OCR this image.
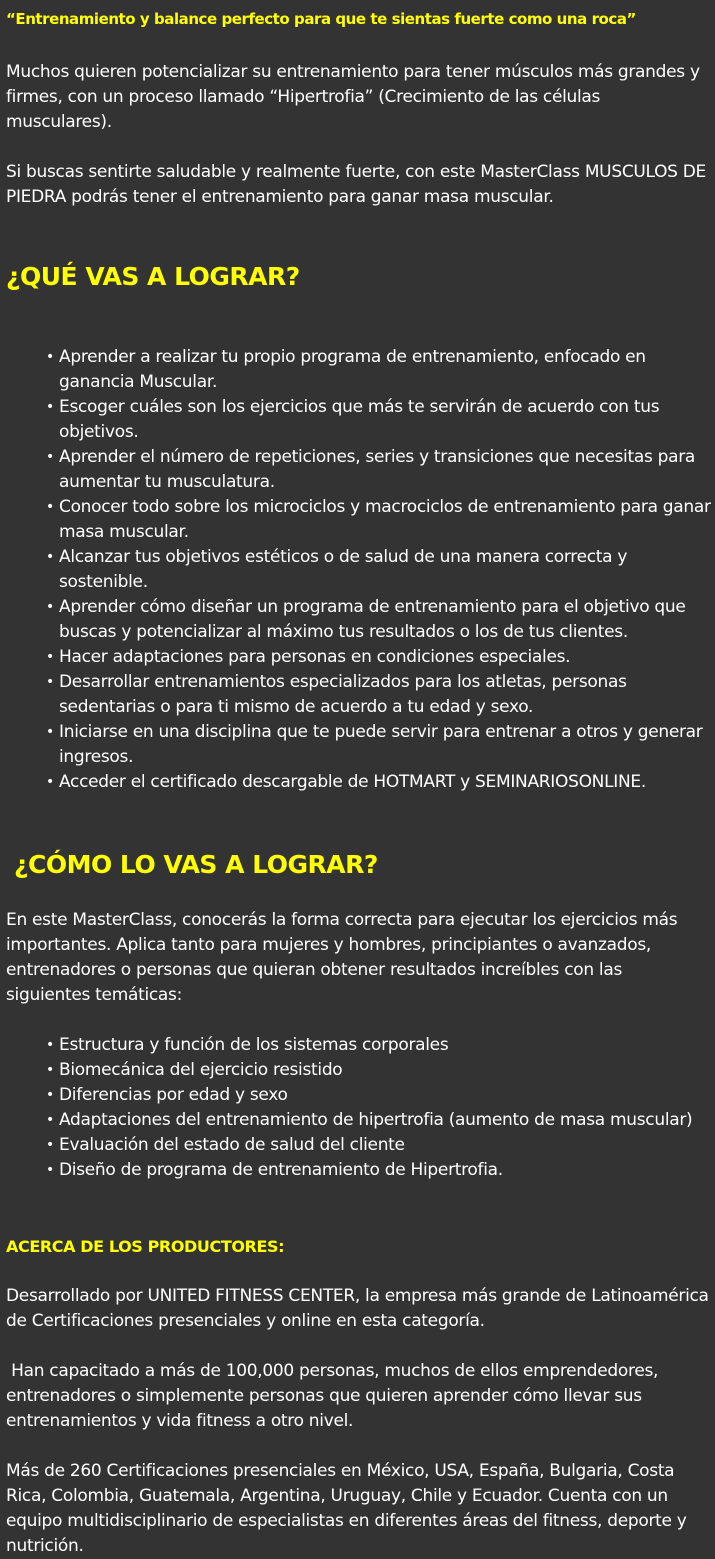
“Entrenamiento y balance perfecto para que te sientas fuerte como una roca”

Muchos quieren potencializar su entrenamiento para tener músculos más grandes y firmes, con un proceso llamado “Hipertrofia” (Crecimiento de las células musculares).

Si buscas sentirte saludable y realmente fuerte, con este MasterClass MUSCULOS DE PIEDRA podrás tener el entrenamiento para ganar masa muscular.

¿QUÉ VAS A LOGRAR?
• Aprender a realizar tu propio programa de entrenamiento, enfocado en ganancia Muscular.
• Escoger cuáles son los ejercicios que más te servirán de acuerdo con tus objetivos.
• Aprender el número de repeticiones, series y transiciones que necesitas para aumentar tu musculatura.
• Conocer todo sobre los microciclos y macrociclos de entrenamiento para ganar masa muscular.
• Alcanzar tus objetivos estéticos o de salud de una manera correcta y sostenible.
• Aprender cómo diseñar un programa de entrenamiento para el objetivo que buscas y potencializar al máximo tus resultados o los de tus clientes.
• Hacer adaptaciones para personas en condiciones especiales.
• Desarrollar entrenamientos especializados para los atletas, personas sedentarias o para ti mismo de acuerdo a tu edad y sexo.
• Iniciarse en una disciplina que te puede servir para entrenar a otros y generar ingresos.
• Acceder el certificado descargable de HOTMART y SEMINARIOSONLINE.
¿CÓMO LO VAS A LOGRAR?

En este MasterClass, conocerás la forma correcta para ejecutar los ejercicios más importantes. Aplica tanto para mujeres y hombres, principiantes o avanzados, entrenadores o personas que quieran obtener resultados increíbles con las siguientes temáticas:

• Estructura y función de los sistemas corporales
• Biomecánica del ejercicio resistido
• Diferencias por edad y sexo
• Adaptaciones del entrenamiento de hipertrofia (aumento de masa muscular)
• Evaluación del estado de salud del cliente
• Diseño de programa de entrenamiento de Hipertrofia.
ACERCA DE LOS PRODUCTORES:

Desarrollado por UNITED FITNESS CENTER, la empresa más grande de Latinoamérica de Certificaciones presenciales y online en esta categoría.

Han capacitado a más de 100,000 personas, muchos de ellos emprendedores, entrenadores o simplemente personas que quieren aprender cómo llevar sus entrenamientos y vida fitness a otro nivel.

Más de 260 Certificaciones presenciales en México, USA, España, Bulgaria, Costa Rica, Colombia, Guatemala, Argentina, Uruguay, Chile y Ecuador. Cuenta con un equipo multidisciplinario de especialistas en diferentes áreas del fitness, deporte y nutrición.
